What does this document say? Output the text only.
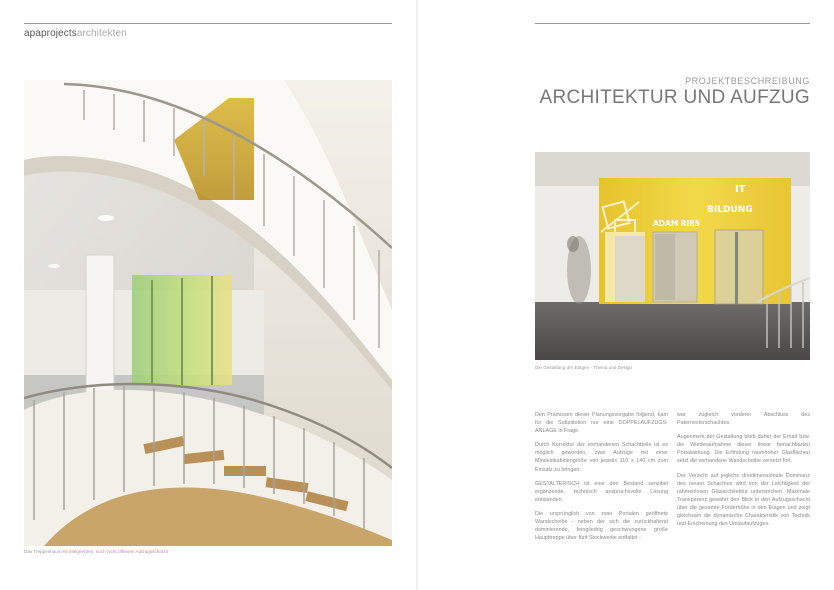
apaprojectsarchitekten
Das Treppenhaus mit integriertem, noch nicht offenem Aufzugsschacht
PROJEKTBESCHREIBUNG
ARCHITEKTUR UND AUFZUG
IT
BILDUNG
ADAM RIES
Die Gestaltung der Etagen - Thema und Design

Den Prämissen dieser Planungsvorgabe folgend, kam für die Substitution nur eine DOPPELAUFZUGS-ANLAGE in Frage.

Durch Korrektur der vorhandenen Schachtteile ist es möglich geworden, zwei Aufzüge mit einer Mindestkabinengröße von jeweils 110 x 140 cm zum Einsatz zu bringen.

GESTALTERISCH ist eine den Bestand sensibel ergänzende, technisch anspruchsvolle Lösung entstanden.

Die ursprünglich von zwei Portalen geöffnete Wandscheibe - neben der sich die zurückhaltend dominierende, feingliedrig geschwungene große Haupttreppe über fünf Stockwerke entfaltet -

war zugleich vorderer Abschluss des Paternosterschachtes.

Augenmerk der Gestaltung blieb daher der Erhalt bzw. die Wiederaufnahme dieser linear benachbarten Portalwirkung. Die Erfindung raumhoher Glasflächen setzt die vorhandene Wandscheibe versetzt fort.

Der Verzicht auf jegliche dreidimensionale Dominanz des neuen Schachtes wird von der Leichtigkeit der rahmenlosen Glasarchitektur unterstrichen. Maximale Transparenz gewährt den Blick in den Aufzugsschacht über die gesamte Förderhöhe in den Etagen und zeigt gleichsam die dynamische Charakteristik von Technik und Erscheinung des Umlaufaufzuges.
